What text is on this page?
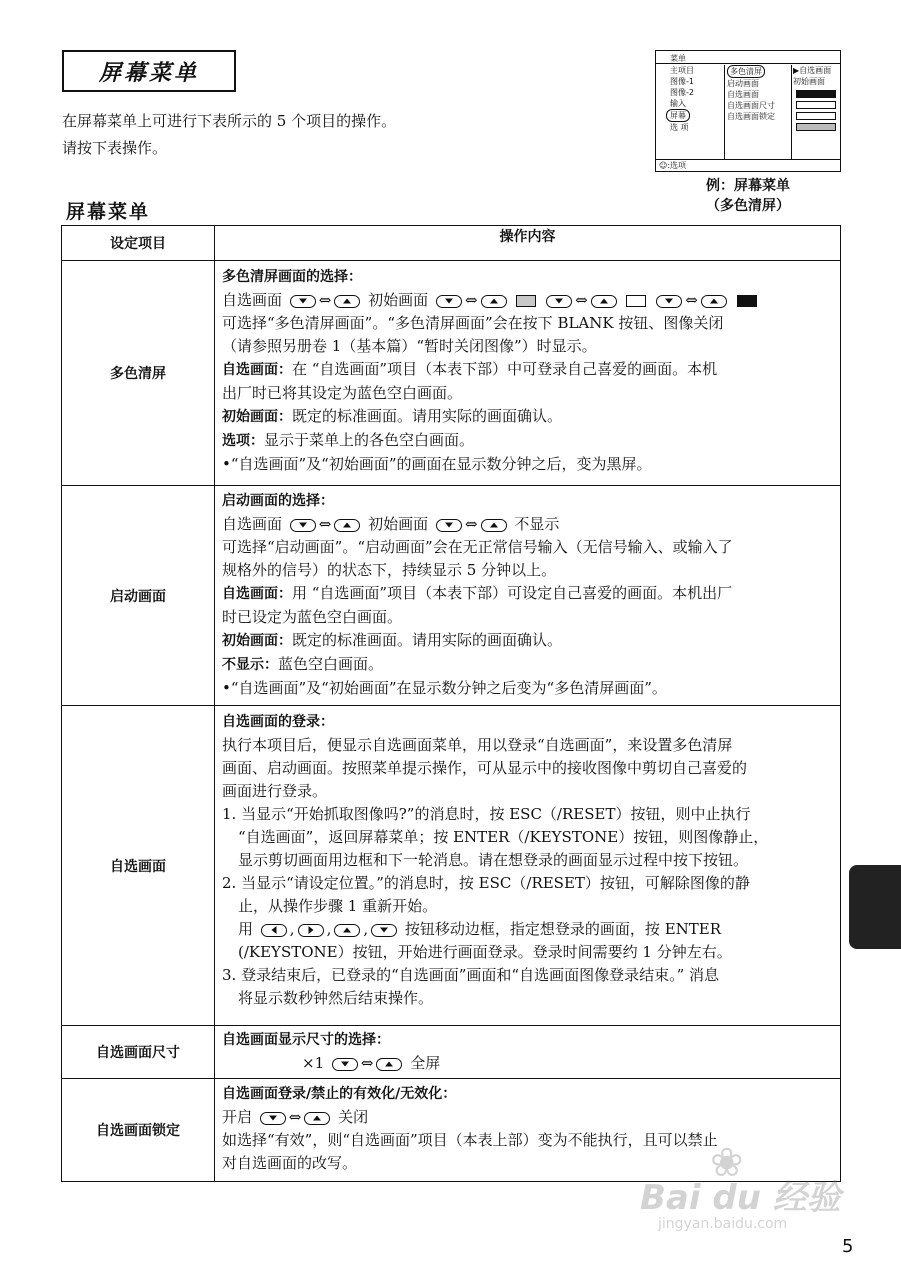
屏幕菜单
在屏幕菜单上可进行下表所示的 5 个项目的操作。
请按下表操作。
屏幕菜单
菜单
主项目
图像-1
图像-2
输入
屏幕
选 项
多色清屏
启动画面
自选画面
自选画面尺寸
自选画面锁定
▶自选画面
初始画面
☺:选项
例：屏幕菜单
（多色清屏）
设定项目	操作内容
多色清屏
多色清屏画面的选择：
自选画面 ⇔ 初始画面 ⇔	⇔	⇔
可选择“多色清屏画面”。“多色清屏画面”会在按下 BLANK 按钮、图像关闭
（请参照另册卷 1（基本篇）“暂时关闭图像”）时显示。
自选画面：在 “自选画面”项目（本表下部）中可登录自己喜爱的画面。本机
出厂时已将其设定为蓝色空白画面。
初始画面：既定的标准画面。请用实际的画面确认。
选项：显示于菜单上的各色空白画面。
•“自选画面”及“初始画面”的画面在显示数分钟之后，变为黑屏。
启动画面
启动画面的选择：
自选画面 ⇔ 初始画面 ⇔ 不显示
可选择“启动画面”。“启动画面”会在无正常信号输入（无信号输入、或输入了
规格外的信号）的状态下，持续显示 5 分钟以上。
自选画面：用 “自选画面”项目（本表下部）可设定自己喜爱的画面。本机出厂
时已设定为蓝色空白画面。
初始画面：既定的标准画面。请用实际的画面确认。
不显示：蓝色空白画面。
•“自选画面”及“初始画面”在显示数分钟之后变为“多色清屏画面”。
自选画面
自选画面的登录：
执行本项目后，便显示自选画面菜单，用以登录“自选画面”，来设置多色清屏
画面、启动画面。按照菜单提示操作，可从显示中的接收图像中剪切自己喜爱的
画面进行登录。
1. 当显示“开始抓取图像吗?”的消息时，按 ESC（/RESET）按钮，则中止执行
“自选画面”，返回屏幕菜单；按 ENTER（/KEYSTONE）按钮，则图像静止，
显示剪切画面用边框和下一轮消息。请在想登录的画面显示过程中按下按钮。
2. 当显示“请设定位置。”的消息时，按 ESC（/RESET）按钮，可解除图像的静
止，从操作步骤 1 重新开始。
用 , , , 按钮移动边框，指定想登录的画面，按 ENTER
(/KEYSTONE）按钮，开始进行画面登录。登录时间需要约 1 分钟左右。
3. 登录结束后，已登录的“自选画面”画面和“自选画面图像登录结束。” 消息
将显示数秒钟然后结束操作。
自选画面尺寸
自选画面显示尺寸的选择：
×1 ⇔ 全屏
自选画面锁定
自选画面登录/禁止的有效化/无效化：
开启 ⇔ 关闭
如选择“有效”，则“自选画面”项目（本表上部）变为不能执行，且可以禁止
对自选画面的改写。	❀
Bai du 经验
jingyan.baidu.com
5
